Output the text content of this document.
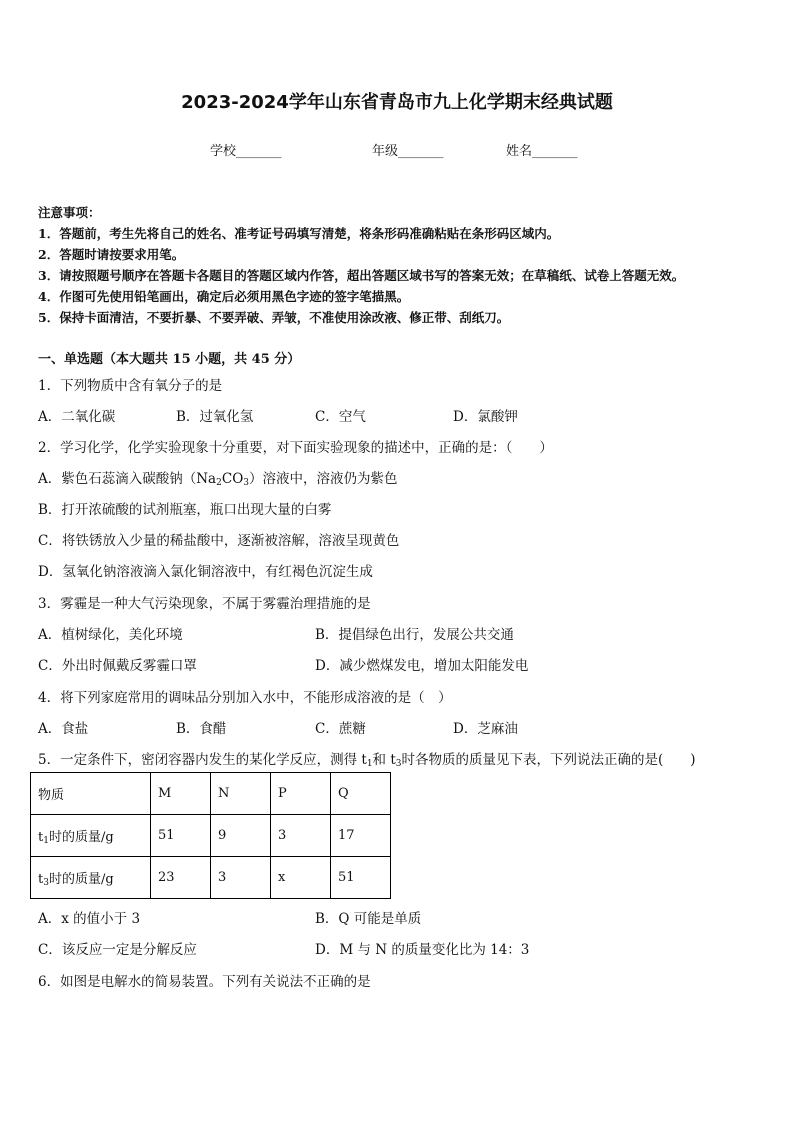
2023-2024学年山东省青岛市九上化学期末经典试题
学校_______	年级_______	姓名_______
注意事项：
1．答题前，考生先将自己的姓名、准考证号码填写清楚，将条形码准确粘贴在条形码区域内。
2．答题时请按要求用笔。
3．请按照题号顺序在答题卡各题目的答题区域内作答，超出答题区域书写的答案无效；在草稿纸、试卷上答题无效。
4．作图可先使用铅笔画出，确定后必须用黑色字迹的签字笔描黑。
5．保持卡面清洁，不要折暴、不要弄破、弄皱，不准使用涂改液、修正带、刮纸刀。
一、单选题（本大题共 15 小题，共 45 分）
1．下列物质中含有氧分子的是
A．二氧化碳	B．过氧化氢	C．空气	D．氯酸钾
2．学习化学，化学实验现象十分重要，对下面实验现象的描述中，正确的是：（　　）
A．紫色石蕊滴入碳酸钠$(Na_2CO_3)$溶液中，溶液仍为紫色
B．打开浓硫酸的试剂瓶塞，瓶口出现大量的白雾
C．将铁锈放入少量的稀盐酸中，逐渐被溶解，溶液呈现黄色
D．氢氧化钠溶液滴入氯化铜溶液中，有红褐色沉淀生成
3．雾霾是一种大气污染现象，不属于雾霾治理措施的是
A．植树绿化，美化环境	B．提倡绿色出行，发展公共交通
C．外出时佩戴反雾霾口罩	D．减少燃煤发电，增加太阳能发电
4．将下列家庭常用的调味品分别加入水中，不能形成溶液的是（　）
A．食盐	B．食醋	C．蔗糖	D．芝麻油
5．一定条件下，密闭容器内发生的某化学反应，测得 $t_1$和 $t_3$时各物质的质量见下表，下列说法正确的是(　　)
物质	M	N	P	Q
$t_1$时的质量/g	51	9	3	17
$t_3$时的质量/g	23	3	x	51
A．x 的值小于 3	B．Q 可能是单质
C．该反应一定是分解反应	D．M 与 N 的质量变化比为 14：3
6．如图是电解水的简易装置。下列有关说法不正确的是
